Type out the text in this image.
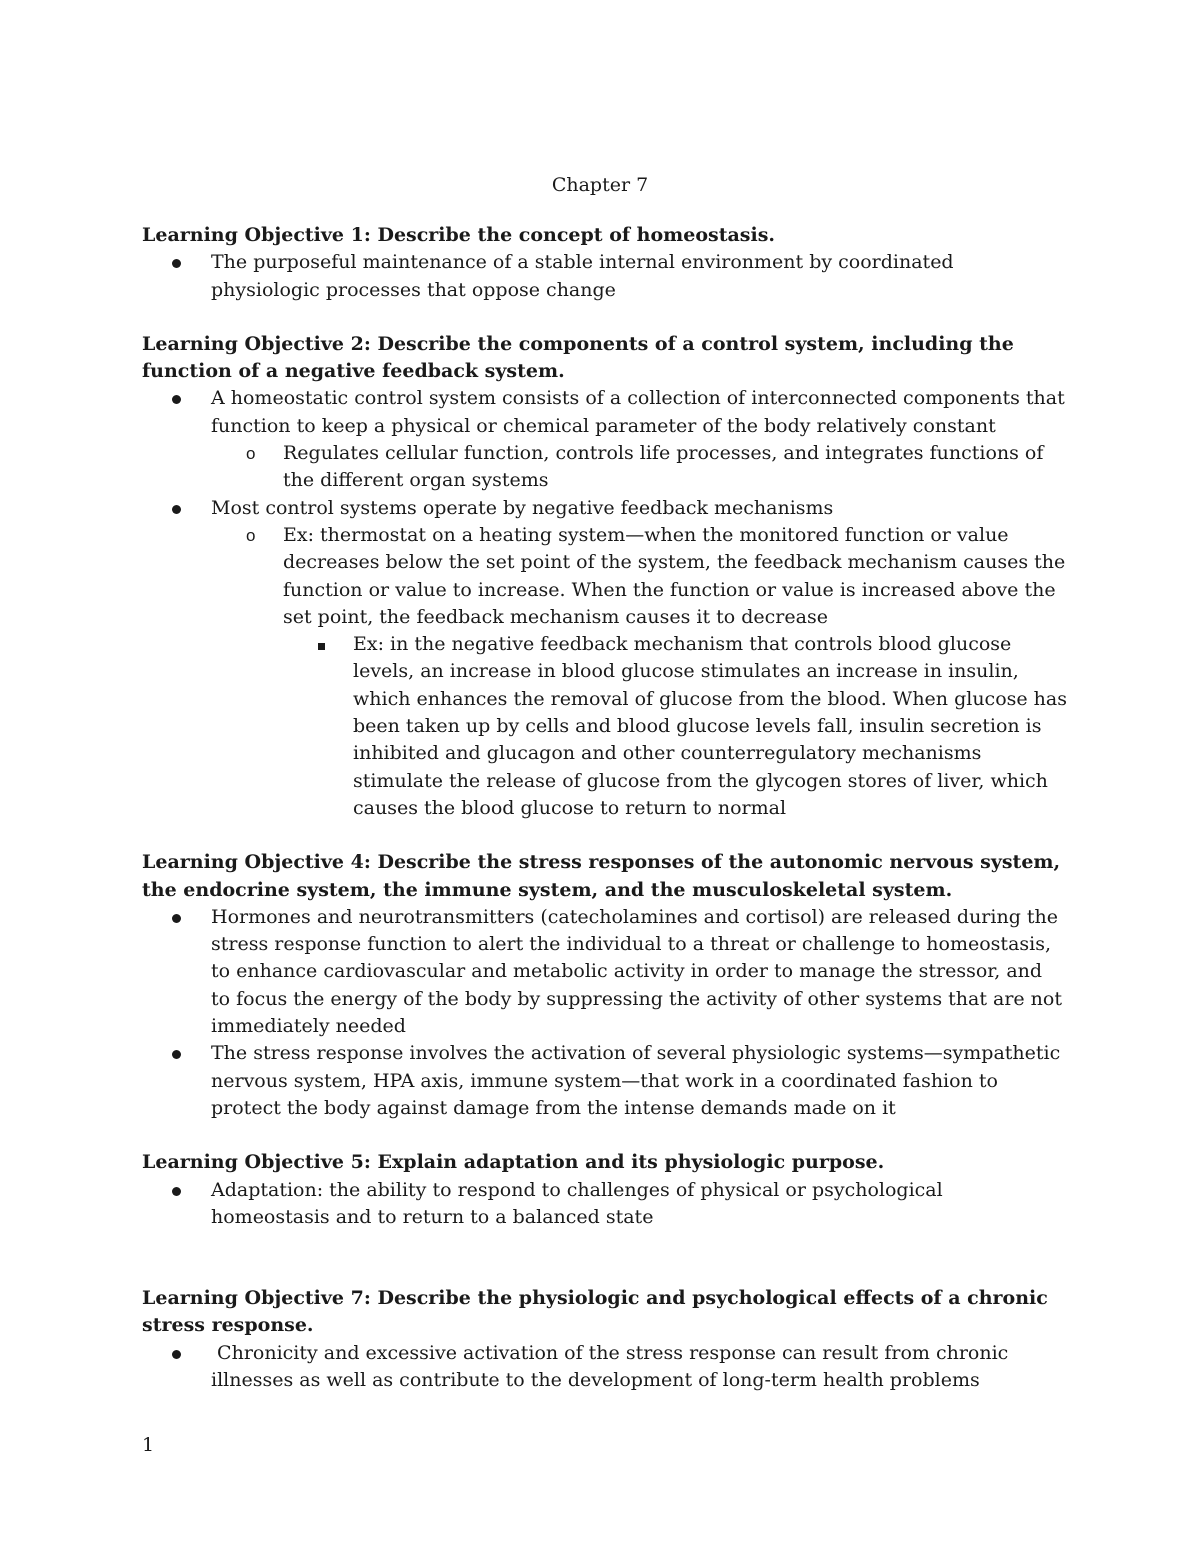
Chapter 7

Learning Objective 1: Describe the concept of homeostasis.

The purposeful maintenance of a stable internal environment by coordinated physiologic processes that oppose change

Learning Objective 2: Describe the components of a control system, including the function of a negative feedback system.

A homeostatic control system consists of a collection of interconnected components that function to keep a physical or chemical parameter of the body relatively constant
o Regulates cellular function, controls life processes, and integrates functions of the different organ systems
Most control systems operate by negative feedback mechanisms
o Ex: thermostat on a heating system—when the monitored function or value decreases below the set point of the system, the feedback mechanism causes the function or value to increase. When the function or value is increased above the set point, the feedback mechanism causes it to decrease
Ex: in the negative feedback mechanism that controls blood glucose levels, an increase in blood glucose stimulates an increase in insulin, which enhances the removal of glucose from the blood. When glucose has been taken up by cells and blood glucose levels fall, insulin secretion is inhibited and glucagon and other counterregulatory mechanisms stimulate the release of glucose from the glycogen stores of liver, which causes the blood glucose to return to normal

Learning Objective 4: Describe the stress responses of the autonomic nervous system, the endocrine system, the immune system, and the musculoskeletal system.

Hormones and neurotransmitters (catecholamines and cortisol) are released during the stress response function to alert the individual to a threat or challenge to homeostasis, to enhance cardiovascular and metabolic activity in order to manage the stressor, and to focus the energy of the body by suppressing the activity of other systems that are not immediately needed
The stress response involves the activation of several physiologic systems—sympathetic nervous system, HPA axis, immune system—that work in a coordinated fashion to protect the body against damage from the intense demands made on it

Learning Objective 5: Explain adaptation and its physiologic purpose.

Adaptation: the ability to respond to challenges of physical or psychological homeostasis and to return to a balanced state

Learning Objective 7: Describe the physiologic and psychological effects of a chronic stress response.

Chronicity and excessive activation of the stress response can result from chronic illnesses as well as contribute to the development of long-term health problems
1
